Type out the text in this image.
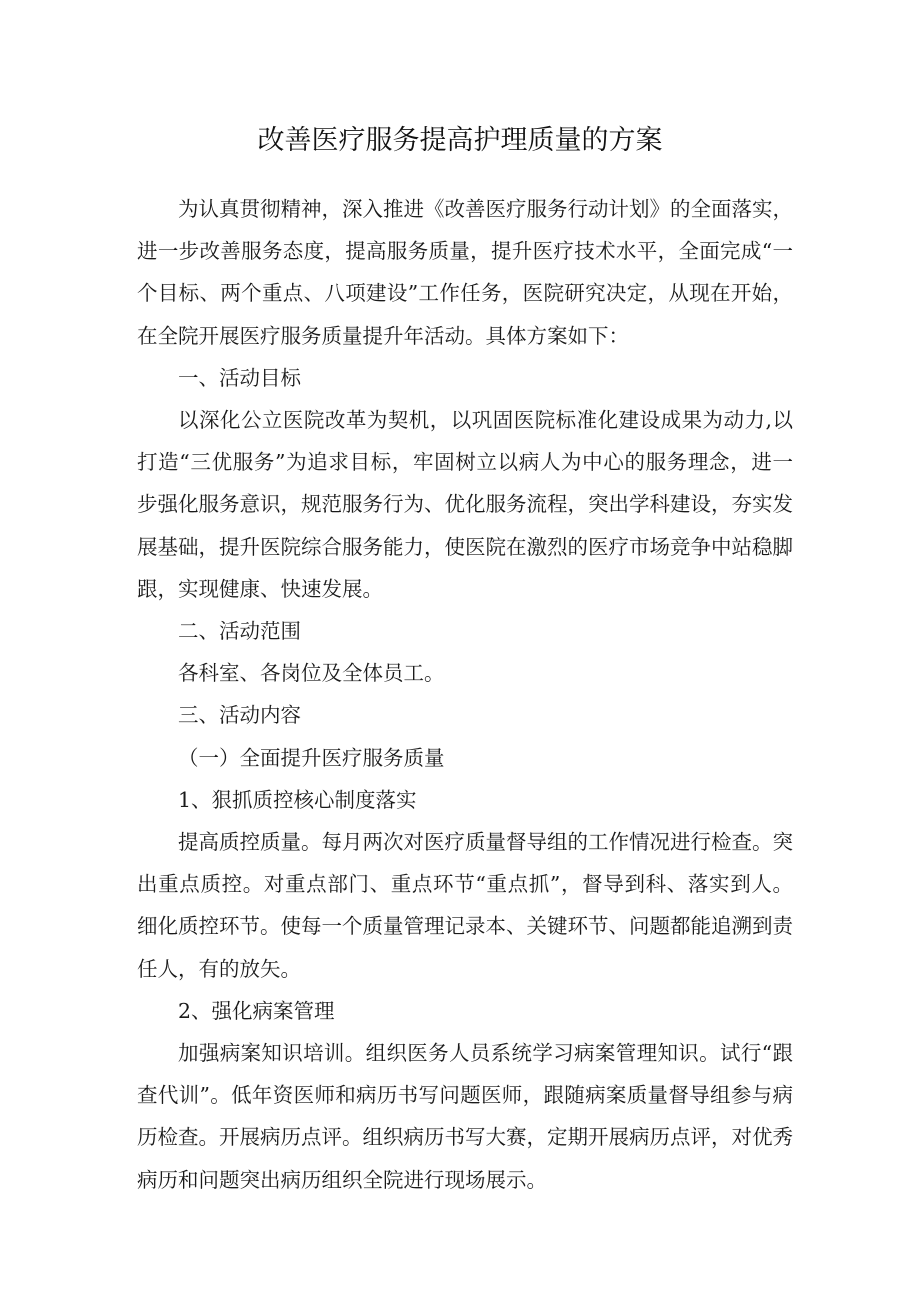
改善医疗服务提高护理质量的方案

为认真贯彻精神，深入推进《改善医疗服务行动计划》的全面落实，进一步改善服务态度，提高服务质量，提升医疗技术水平，全面完成“一个目标、两个重点、八项建设”工作任务，医院研究决定，从现在开始，在全院开展医疗服务质量提升年活动。具体方案如下：

一、活动目标

以深化公立医院改革为契机，以巩固医院标准化建设成果为动力,以打造“三优服务”为追求目标，牢固树立以病人为中心的服务理念，进一步强化服务意识，规范服务行为、优化服务流程，突出学科建设，夯实发展基础，提升医院综合服务能力，使医院在激烈的医疗市场竞争中站稳脚跟，实现健康、快速发展。

二、活动范围

各科室、各岗位及全体员工。

三、活动内容

（一）全面提升医疗服务质量

1、狠抓质控核心制度落实

提高质控质量。每月两次对医疗质量督导组的工作情况进行检查。突出重点质控。对重点部门、重点环节“重点抓”，督导到科、落实到人。细化质控环节。使每一个质量管理记录本、关键环节、问题都能追溯到责任人，有的放矢。

2、强化病案管理

加强病案知识培训。组织医务人员系统学习病案管理知识。试行“跟查代训”。低年资医师和病历书写问题医师，跟随病案质量督导组参与病历检查。开展病历点评。组织病历书写大赛，定期开展病历点评，对优秀病历和问题突出病历组织全院进行现场展示。
